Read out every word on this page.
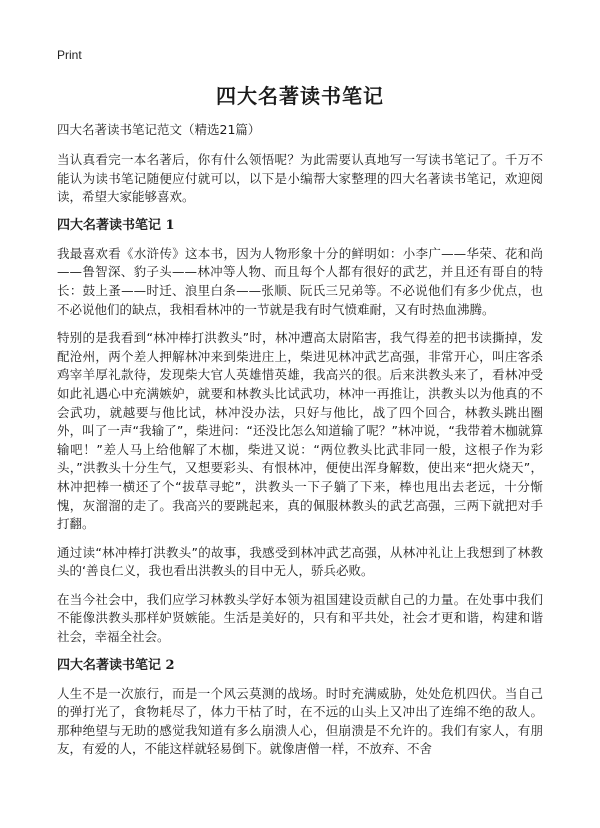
Print
四大名著读书笔记
四大名著读书笔记范文（精选21篇）

当认真看完一本名著后，你有什么领悟呢？为此需要认真地写一写读书笔记了。千万不能认为读书笔记随便应付就可以，以下是小编帮大家整理的四大名著读书笔记，欢迎阅读，希望大家能够喜欢。

四大名著读书笔记 1

我最喜欢看《水浒传》这本书，因为人物形象十分的鲜明如：小李广——华荣、花和尚——鲁智深、豹子头——林冲等人物、而且每个人都有很好的武艺，并且还有哥自的特长：鼓上蚤——时迁、浪里白条——张顺、阮氏三兄弟等。不必说他们有多少优点，也不必说他们的缺点，我相看林冲的一节就是我有时气愤难耐，又有时热血沸腾。

特别的是我看到“林冲棒打洪教头”时，林冲遭高太尉陷害，我气得差的把书读撕掉，发配沧州，两个差人押解林冲来到柴进庄上，柴进见林冲武艺高强，非常开心，叫庄客杀鸡宰羊厚礼款待，发现柴大官人英雄惜英雄，我高兴的很。后来洪教头来了，看林冲受如此礼遇心中充满嫉妒，就要和林教头比试武功，林冲一再推让，洪教头以为他真的不会武功，就越要与他比试，林冲没办法，只好与他比，战了四个回合，林教头跳出圈外，叫了一声“我输了”，柴进问：“还没比怎么知道输了呢？”林冲说，“我带着木枷就算输吧！”差人马上给他解了木枷，柴进又说：“两位教头比武非同一般，这根子作为彩头，”洪教头十分生气，又想要彩头、有恨林冲，便使出浑身解数，使出来“把火烧天”，林冲把棒一横还了个“拔草寻蛇”，洪教头一下子躺了下来，棒也甩出去老远，十分惭愧，灰溜溜的走了。我高兴的要跳起来，真的佩服林教头的武艺高强，三两下就把对手打翻。

通过读“林冲棒打洪教头”的故事，我感受到林冲武艺高强，从林冲礼让上我想到了林教头的‘善良仁义，我也看出洪教头的目中无人，骄兵必败。

在当今社会中，我们应学习林教头学好本领为祖国建设贡献自己的力量。在处事中我们不能像洪教头那样妒贤嫉能。生活是美好的，只有和平共处，社会才更和谐，构建和谐社会，幸福全社会。

四大名著读书笔记 2

人生不是一次旅行，而是一个风云莫测的战场。时时充满威胁，处处危机四伏。当自己的弹打光了，食物耗尽了，体力干枯了时，在不远的山头上又冲出了连绵不绝的敌人。那种绝望与无助的感觉我知道有多么崩溃人心，但崩溃是不允许的。我们有家人，有朋友，有爱的人，不能这样就轻易倒下。就像唐僧一样，不放弃、不舍
